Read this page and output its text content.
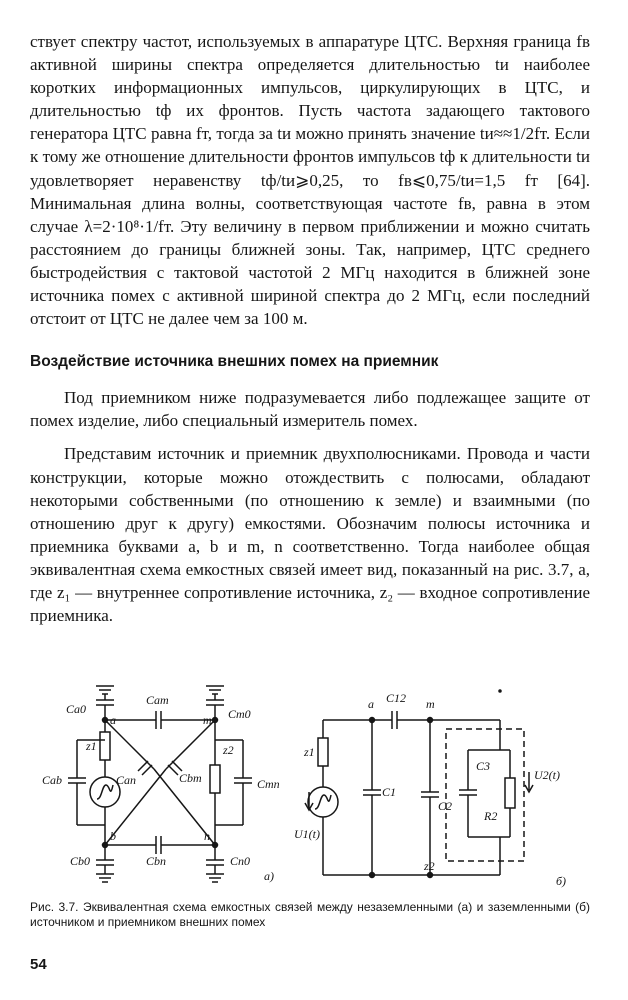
ствует спектру частот, используемых в аппаратуре ЦТС. Верхняя граница fв активной ширины спектра определяется длительностью tи наиболее коротких информационных импульсов, циркулирующих в ЦТС, и длительностью tф их фронтов. Пусть частота задающего тактового генератора ЦТС равна fт, тогда за tи можно принять значение tи≈≈1/2fт. Если к тому же отношение длительности фронтов импульсов tф к длительности tи удовлетворяет неравенству tф/tи⩾0,25, то fв⩽0,75/tи=1,5 fт [64]. Минимальная длина волны, соответствующая частоте fв, равна в этом случае λ=2·10⁸·1/fт. Эту величину в первом приближении и можно считать расстоянием до границы ближней зоны. Так, например, ЦТС среднего быстродействия с тактовой частотой 2 МГц находится в ближней зоне источника помех с активной шириной спектра до 2 МГц, если последний отстоит от ЦТС не далее чем за 100 м.

Воздействие источника внешних помех на приемник

Под приемником ниже подразумевается либо подлежащее защите от помех изделие, либо специальный измеритель помех.

Представим источник и приемник двухполюсниками. Провода и части конструкции, которые можно отождествить с полюсами, обладают некоторыми собственными (по отношению к земле) и взаимными (по отношению друг к другу) емкостями. Обозначим полюсы источника и приемника буквами a, b и m, n соответственно. Тогда наиболее общая эквивалентная схема емкостных связей имеет вид, показанный на рис. 3.7, a, где z₁ — внутреннее сопротивление источника, z₂ — входное сопротивление приемника.

Ca0
Cam
Cm0
a	m
z1	z2
Can	Cbm
Cab	Cmn
b	n
Cb0	Cbn	Cn0
а)
a C12 m
z1
C1
C2
C3
R2
U2(t)
U1(t)
z2
б)
Рис. 3.7. Эквивалентная схема емкостных связей между незаземленными (а) и заземленными (б) источником и приемником внешних помех
54
